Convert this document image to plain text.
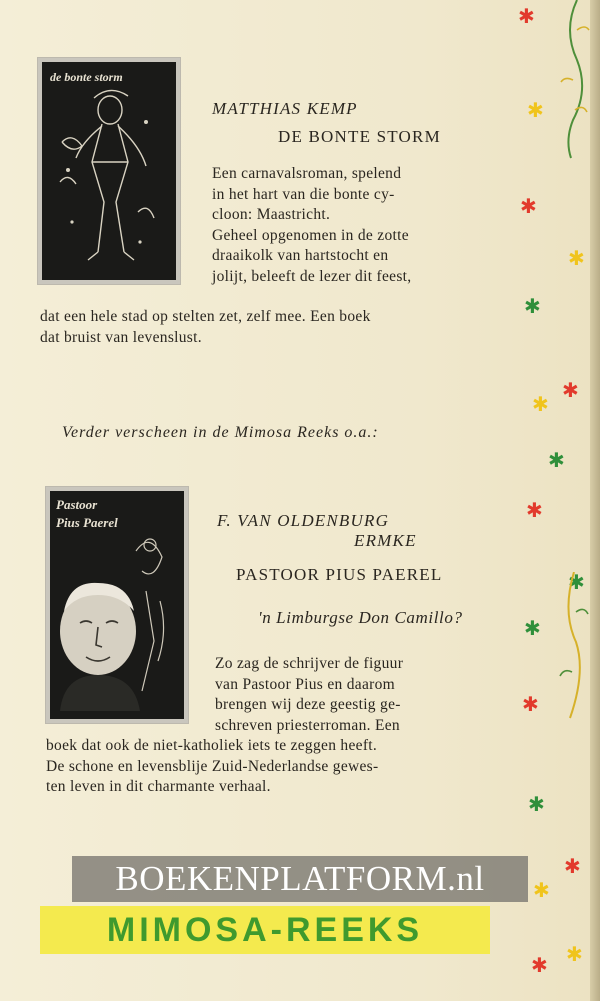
de bonte storm
MATTHIAS KEMP
DE BONTE STORM
Een carnavalsroman, spelend
in het hart van die bonte cy-
cloon: Maastricht.
Geheel opgenomen in de zotte
draaikolk van hartstocht en
jolijt, beleeft de lezer dit feest,
dat een hele stad op stelten zet, zelf mee. Een boek
dat bruist van levenslust.
Verder verscheen in de Mimosa Reeks o.a.:
Pastoor
Pius Paerel	F. VAN OLDENBURG
ERMKE
PASTOOR PIUS PAEREL
'n Limburgse Don Camillo?
Zo zag de schrijver de figuur
van Pastoor Pius en daarom
brengen wij deze geestig ge-
schreven priesterroman. Een
boek dat ook de niet-katholiek iets te zeggen heeft.
De schone en levensblije Zuid-Nederlandse gewes-
ten leven in dit charmante verhaal.
✱
✱
✱
✱
✱
✱
✱
✱
✱
✱
✱
✱
✱
✱
✱
✱
✱
BOEKENPLATFORM.nl
MIMOSA-REEKS
